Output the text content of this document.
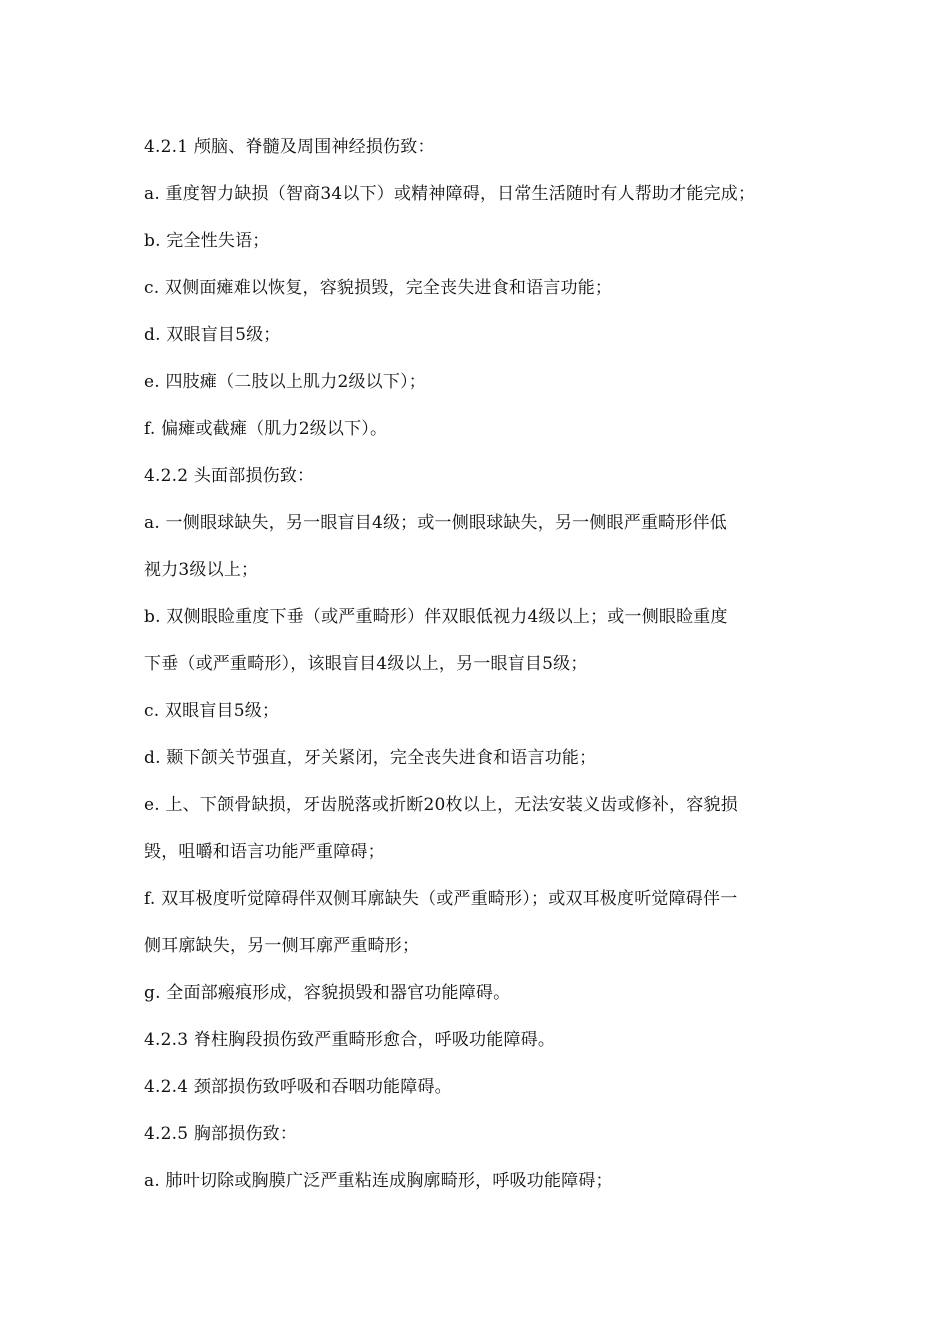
4.2.1 颅脑、脊髓及周围神经损伤致：
a. 重度智力缺损（智商34以下）或精神障碍，日常生活随时有人帮助才能完成；
b. 完全性失语；
c. 双侧面瘫难以恢复，容貌损毁，完全丧失进食和语言功能；
d. 双眼盲目5级；
e. 四肢瘫（二肢以上肌力2级以下）；
f. 偏瘫或截瘫（肌力2级以下）。
4.2.2 头面部损伤致：
a. 一侧眼球缺失，另一眼盲目4级；或一侧眼球缺失，另一侧眼严重畸形伴低
视力3级以上；
b. 双侧眼睑重度下垂（或严重畸形）伴双眼低视力4级以上；或一侧眼睑重度
下垂（或严重畸形），该眼盲目4级以上，另一眼盲目5级；
c. 双眼盲目5级；
d. 颞下颌关节强直，牙关紧闭，完全丧失进食和语言功能；
e. 上、下颌骨缺损，牙齿脱落或折断20枚以上，无法安装义齿或修补，容貌损
毁，咀嚼和语言功能严重障碍；
f. 双耳极度听觉障碍伴双侧耳廓缺失（或严重畸形）；或双耳极度听觉障碍伴一
侧耳廓缺失，另一侧耳廓严重畸形；
g. 全面部瘢痕形成，容貌损毁和器官功能障碍。
4.2.3 脊柱胸段损伤致严重畸形愈合，呼吸功能障碍。
4.2.4 颈部损伤致呼吸和吞咽功能障碍。
4.2.5 胸部损伤致：
a. 肺叶切除或胸膜广泛严重粘连成胸廓畸形，呼吸功能障碍；
